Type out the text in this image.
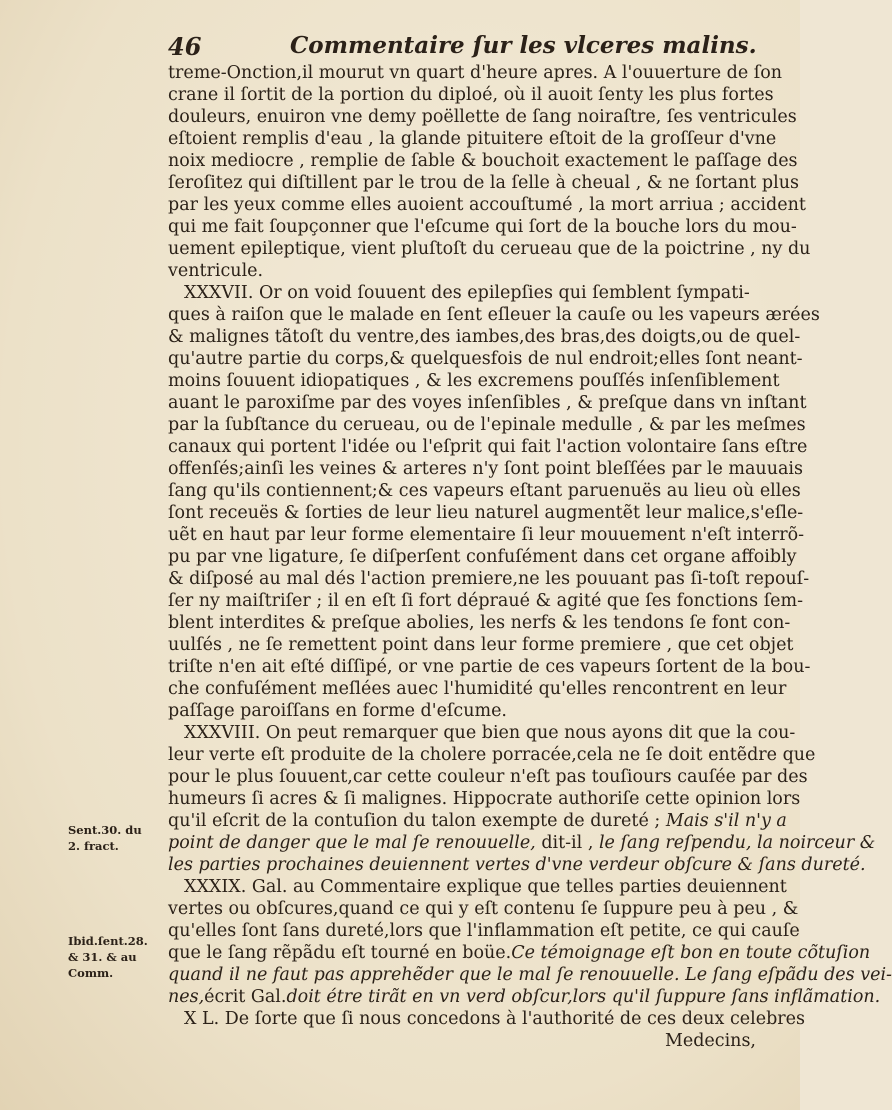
46	Commentaire ſur les vlceres malins.
treme-Onction,il mourut vn quart d'heure apres. A l'ouuerture de ſon
crane il ſortit de la portion du diploé, où il auoit ſenty les plus fortes
douleurs, enuiron vne demy poëllette de ſang noiraſtre, ſes ventricules
eſtoient remplis d'eau , la glande pituitere eſtoit de la groſſeur d'vne
noix mediocre , remplie de ſable & bouchoit exactement le paſſage des
ſeroſitez qui diſtillent par le trou de la ſelle à cheual , & ne ſortant plus
par les yeux comme elles auoient accouſtumé , la mort arriua ; accident
qui me fait ſoupçonner que l'eſcume qui ſort de la bouche lors du mou-
uement epileptique, vient pluſtoſt du cerueau que de la poictrine , ny du
ventricule.
XXXVII. Or on void ſouuent des epilepſies qui ſemblent ſympati-
ques à raiſon que le malade en ſent eſleuer la cauſe ou les vapeurs ærées
& malignes tãtoſt du ventre,des iambes,des bras,des doigts,ou de quel-
qu'autre partie du corps,& quelquesfois de nul endroit;elles ſont neant-
moins ſouuent idiopatiques , & les excremens pouſſés inſenſiblement
auant le paroxiſme par des voyes inſenſibles , & preſque dans vn inſtant
par la ſubſtance du cerueau, ou de l'epinale medulle , & par les meſmes
canaux qui portent l'idée ou l'eſprit qui fait l'action volontaire ſans eſtre
offenſés;ainſi les veines & arteres n'y ſont point bleſſées par le mauuais
ſang qu'ils contiennent;& ces vapeurs eſtant paruenuës au lieu où elles
ſont receuës & ſorties de leur lieu naturel augmentẽt leur malice,s'eſle-
uẽt en haut par leur forme elementaire ſi leur mouuement n'eſt interrõ-
pu par vne ligature, ſe diſperſent confuſément dans cet organe affoibly
& diſposé au mal dés l'action premiere,ne les pouuant pas ſi-toſt repouſ-
ſer ny maiſtriſer ; il en eſt ſi fort dépraué & agité que ſes fonctions ſem-
blent interdites & preſque abolies, les nerfs & les tendons ſe font con-
uulſés , ne ſe remettent point dans leur forme premiere , que cet objet
triſte n'en ait eſté diſſipé, or vne partie de ces vapeurs ſortent de la bou-
che confuſément meſlées auec l'humidité qu'elles rencontrent en leur
paſſage paroiſſans en forme d'eſcume.
XXXVIII. On peut remarquer que bien que nous ayons dit que la cou-
leur verte eſt produite de la cholere porracée,cela ne ſe doit entẽdre que
pour le plus ſouuent,car cette couleur n'eſt pas touſiours cauſée par des
humeurs ſi acres & ſi malignes. Hippocrate authoriſe cette opinion lors
qu'il eſcrit de la contuſion du talon exempte de dureté ; Mais s'il n'y a
point de danger que le mal ſe renouuelle, dit-il , le ſang reſpendu, la noirceur &
les parties prochaines deuiennent vertes d'vne verdeur obſcure & ſans dureté.
XXXIX. Gal. au Commentaire explique que telles parties deuiennent
vertes ou obſcures,quand ce qui y eſt contenu ſe ſuppure peu à peu , &
qu'elles ſont ſans dureté,lors que l'inflammation eſt petite, ce qui cauſe
que le ſang rẽpãdu eſt tourné en boüe.Ce témoignage eſt bon en toute cõtuſion
quand il ne faut pas apprehẽder que le mal ſe renouuelle. Le ſang eſpãdu des vei-
nes,écrit Gal.doit étre tirãt en vn verd obſcur,lors qu'il ſuppure ſans inflãmation.
X L. De ſorte que ſi nous concedons à l'authorité de ces deux celebres
Medecins,
Sent.30. du
2. fract.
Ibid.ſent.28.
& 31. & au
Comm.
